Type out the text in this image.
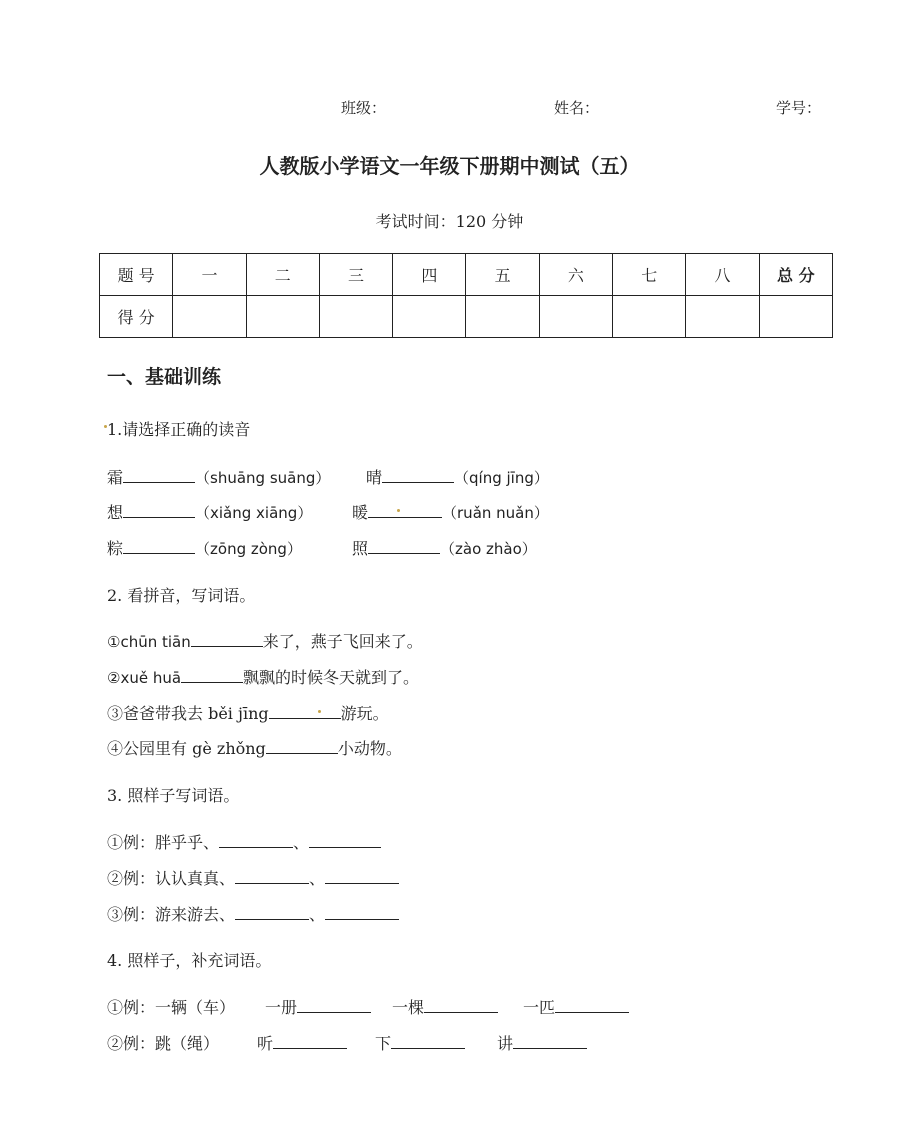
班级：	姓名：	学号：
人教版小学语文一年级下册期中测试（五）
考试时间：120 分钟
题 号	一	二	三	四	五	六	七	八	总 分
得 分									
一、基础训练
1.请选择正确的读音
霜	（shuāng suāng） 晴	（qíng jīng）
想	（xiǎng xiāng） 暖	（ruǎn nuǎn）
粽	（zōng zòng）	照	（zào zhào）
2. 看拼音，写词语。
①chūn tiān	来了，燕子飞回来了。
②xuě huā	飘飘的时候冬天就到了。
③爸爸带我去 běi jīng	游玩。
④公园里有 gè zhǒng	小动物。
3. 照样子写词语。
①例：胖乎乎、	、
②例：认认真真、	、
③例：游来游去、	、
4. 照样子，补充词语。
①例：一辆（车） 一册	一棵	一匹
②例：跳（绳） 听	下	讲
